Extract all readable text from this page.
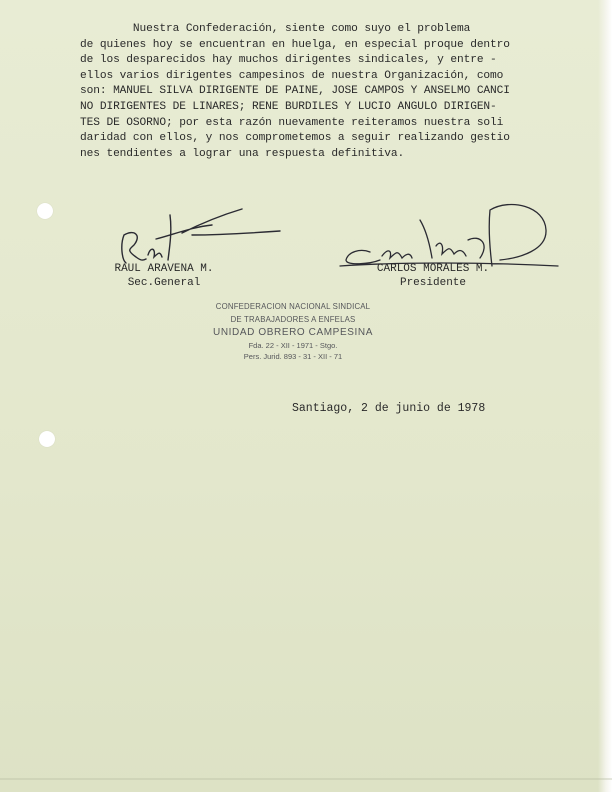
Nuestra Confederación, siente como suyo el problema
de quienes hoy se encuentran en huelga, en especial proque dentro
de los desparecidos hay muchos dirigentes sindicales, y entre -
ellos varios dirigentes campesinos de nuestra Organización, como
son: MANUEL SILVA DIRIGENTE DE PAINE, JOSE CAMPOS Y ANSELMO CANCI
NO DIRIGENTES DE LINARES; RENE BURDILES Y LUCIO ANGULO DIRIGEN-
TES DE OSORNO; por esta razón nuevamente reiteramos nuestra soli
daridad con ellos, y nos comprometemos a seguir realizando gestio
nes tendientes a lograr una respuesta definitiva.
RAUL ARAVENA M.
Sec.General
CARLOS MORALES M.
Presidente
CONFEDERACION NACIONAL SINDICAL
DE TRABAJADORES A ENFELAS
UNIDAD OBRERO CAMPESINA
Fda. 22 - XII - 1971 - Stgo.
Pers. Jurid. 893 - 31 - XII - 71
Santiago, 2 de junio de 1978
